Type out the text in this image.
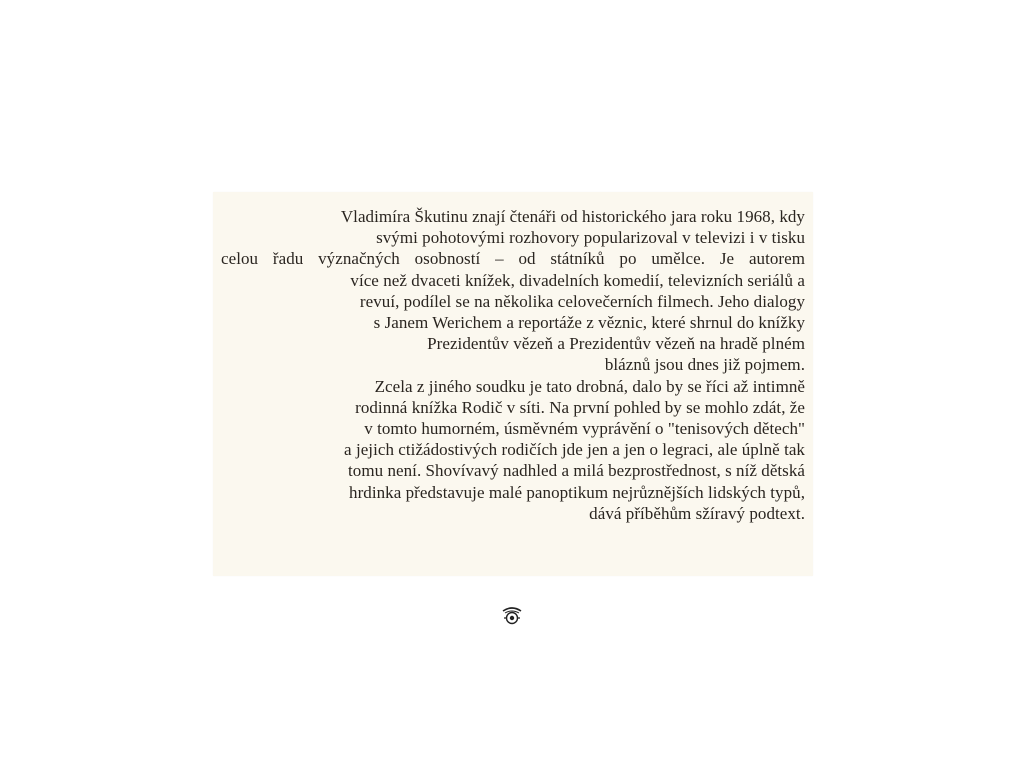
Vladimíra Škutinu znají čtenáři od historického jara roku 1968, kdy
svými pohotovými rozhovory popularizoval v televizi i v tisku
celou řadu význačných osobností – od státníků po umělce. Je autorem
více než dvaceti knížek, divadelních komedií, televizních seriálů a
revuí, podílel se na několika celovečerních filmech. Jeho dialogy
s Janem Werichem a reportáže z věznic, které shrnul do knížky
Prezidentův vězeň a Prezidentův vězeň na hradě plném
bláznů jsou dnes již pojmem.
Zcela z jiného soudku je tato drobná, dalo by se říci až intimně
rodinná knížka Rodič v síti. Na první pohled by se mohlo zdát, že
v tomto humorném, úsměvném vyprávění o "tenisových dětech"
a jejich ctižádostivých rodičích jde jen a jen o legraci, ale úplně tak
tomu není. Shovívavý nadhled a milá bezprostřednost, s níž dětská
hrdinka představuje malé panoptikum nejrůznějších lidských typů,
dává příběhům sžíravý podtext.
